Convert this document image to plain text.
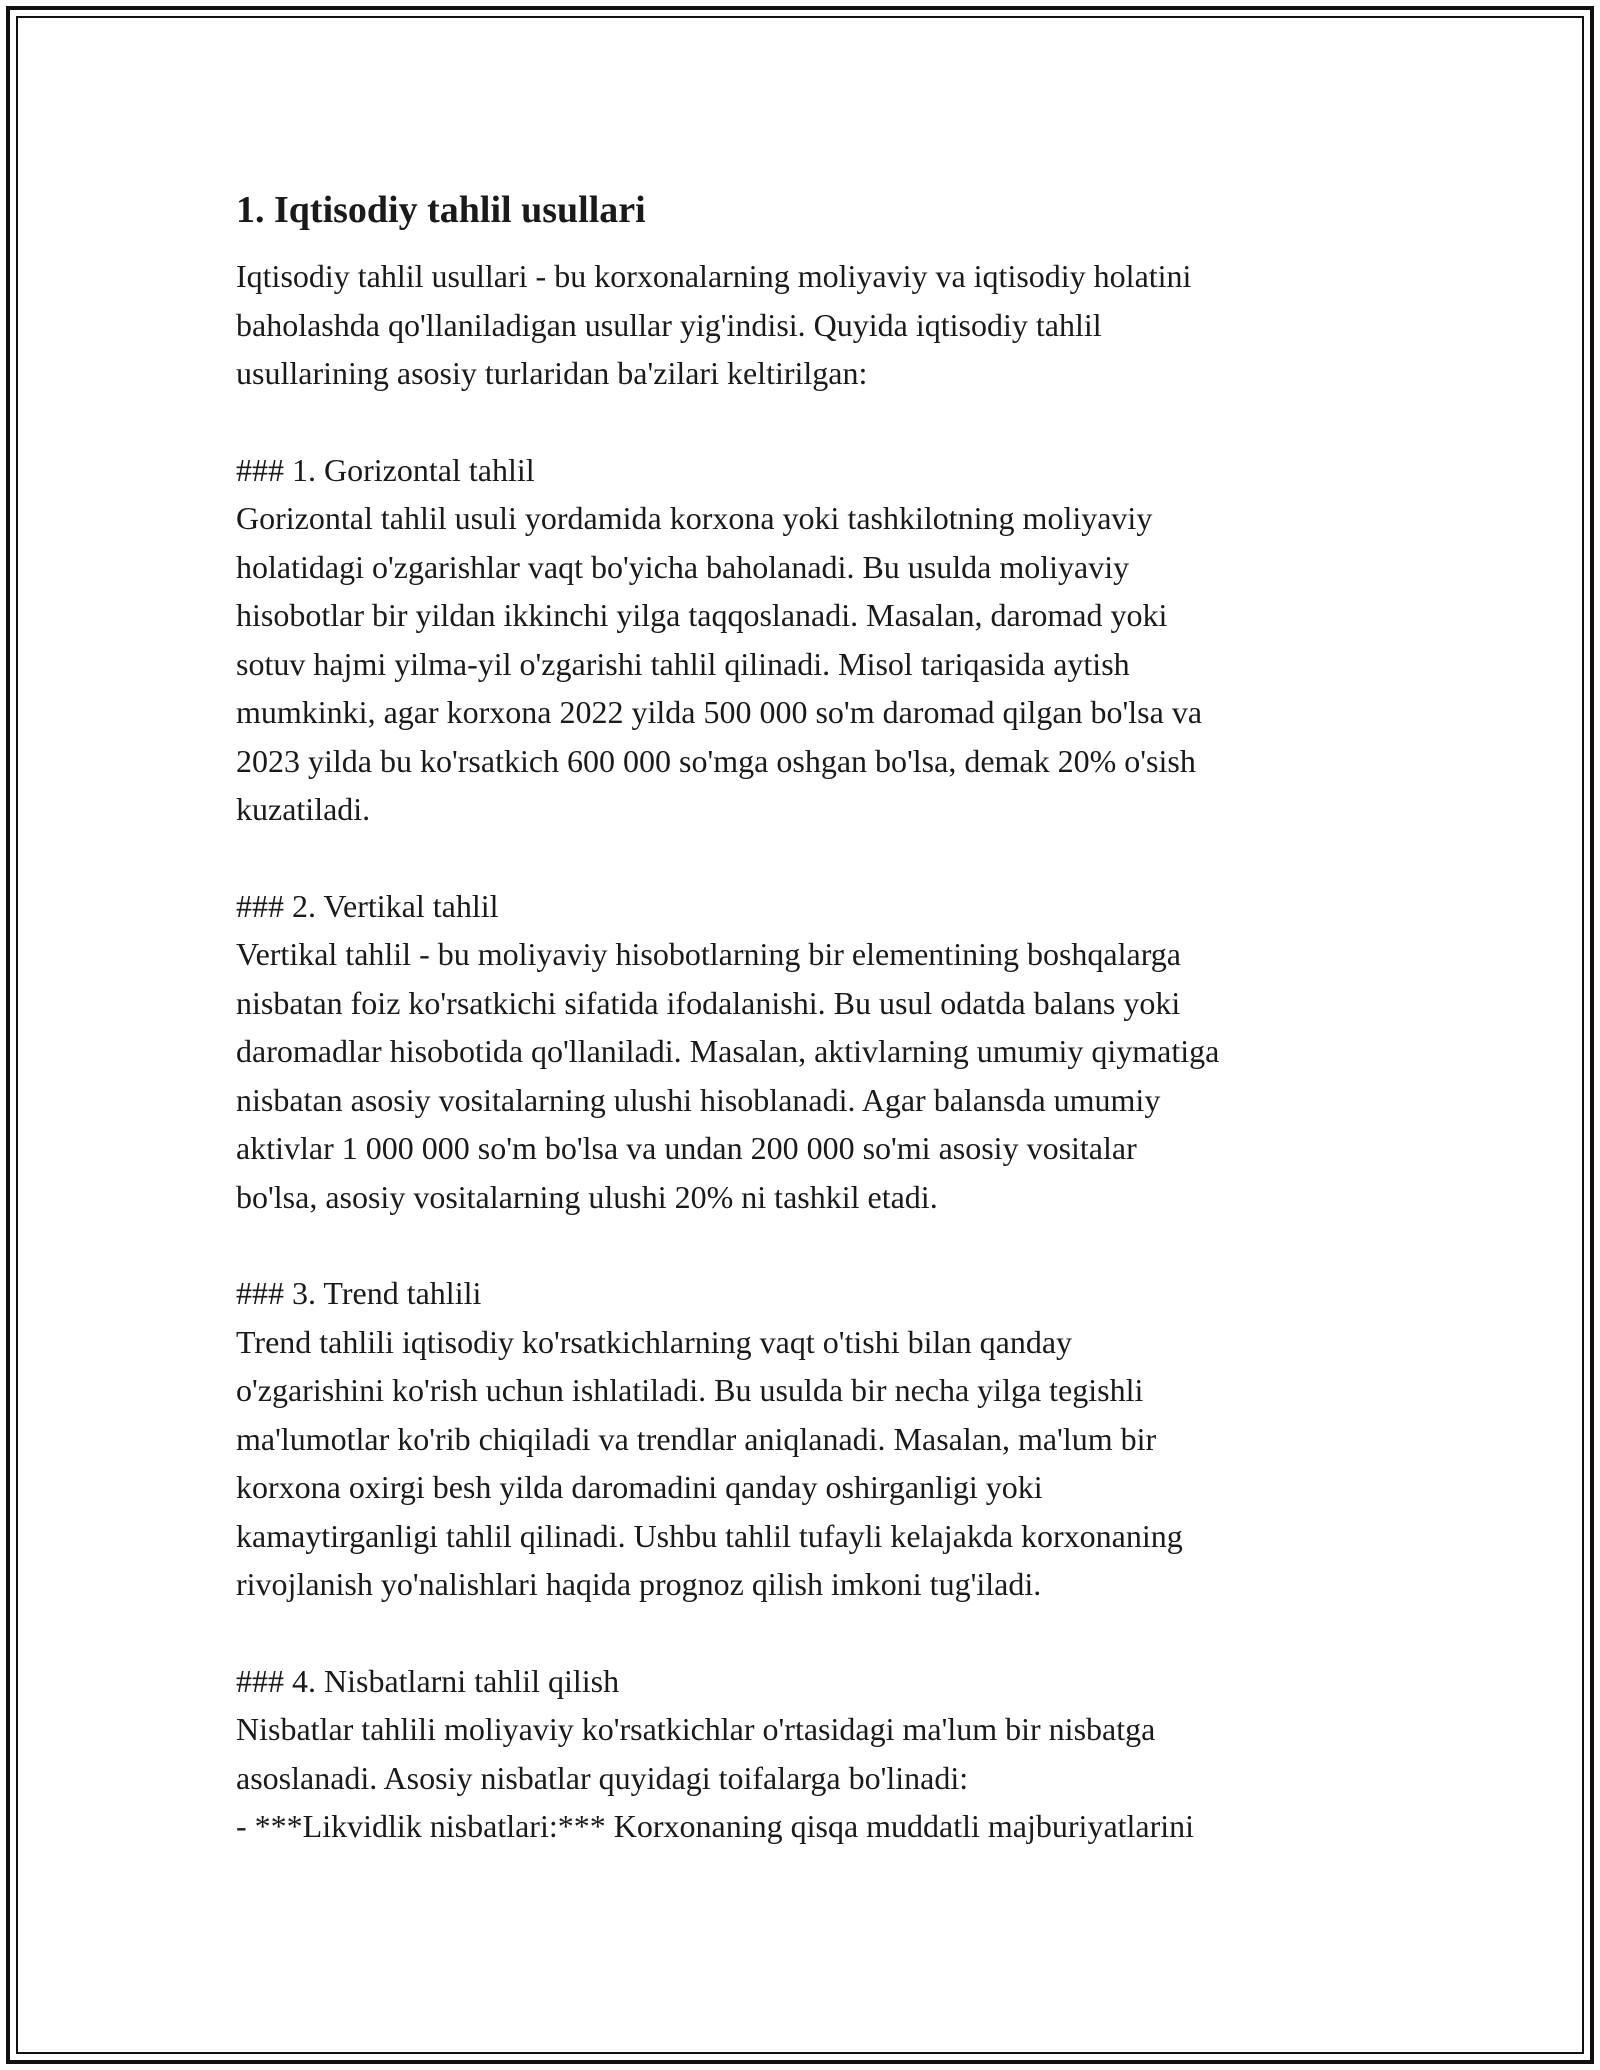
1. Iqtisodiy tahlil usullari

Iqtisodiy tahlil usullari - bu korxonalarning moliyaviy va iqtisodiy holatini
baholashda qo'llaniladigan usullar yig'indisi. Quyida iqtisodiy tahlil
usullarining asosiy turlaridan ba'zilari keltirilgan:

### 1. Gorizontal tahlil
Gorizontal tahlil usuli yordamida korxona yoki tashkilotning moliyaviy
holatidagi o'zgarishlar vaqt bo'yicha baholanadi. Bu usulda moliyaviy
hisobotlar bir yildan ikkinchi yilga taqqoslanadi. Masalan, daromad yoki
sotuv hajmi yilma-yil o'zgarishi tahlil qilinadi. Misol tariqasida aytish
mumkinki, agar korxona 2022 yilda 500 000 so'm daromad qilgan bo'lsa va
2023 yilda bu ko'rsatkich 600 000 so'mga oshgan bo'lsa, demak 20% o'sish
kuzatiladi.

### 2. Vertikal tahlil
Vertikal tahlil - bu moliyaviy hisobotlarning bir elementining boshqalarga
nisbatan foiz ko'rsatkichi sifatida ifodalanishi. Bu usul odatda balans yoki
daromadlar hisobotida qo'llaniladi. Masalan, aktivlarning umumiy qiymatiga
nisbatan asosiy vositalarning ulushi hisoblanadi. Agar balansda umumiy
aktivlar 1 000 000 so'm bo'lsa va undan 200 000 so'mi asosiy vositalar
bo'lsa, asosiy vositalarning ulushi 20% ni tashkil etadi.

### 3. Trend tahlili
Trend tahlili iqtisodiy ko'rsatkichlarning vaqt o'tishi bilan qanday
o'zgarishini ko'rish uchun ishlatiladi. Bu usulda bir necha yilga tegishli
ma'lumotlar ko'rib chiqiladi va trendlar aniqlanadi. Masalan, ma'lum bir
korxona oxirgi besh yilda daromadini qanday oshirganligi yoki
kamaytirganligi tahlil qilinadi. Ushbu tahlil tufayli kelajakda korxonaning
rivojlanish yo'nalishlari haqida prognoz qilish imkoni tug'iladi.

### 4. Nisbatlarni tahlil qilish
Nisbatlar tahlili moliyaviy ko'rsatkichlar o'rtasidagi ma'lum bir nisbatga
asoslanadi. Asosiy nisbatlar quyidagi toifalarga bo'linadi:
- ***Likvidlik nisbatlari:*** Korxonaning qisqa muddatli majburiyatlarini
